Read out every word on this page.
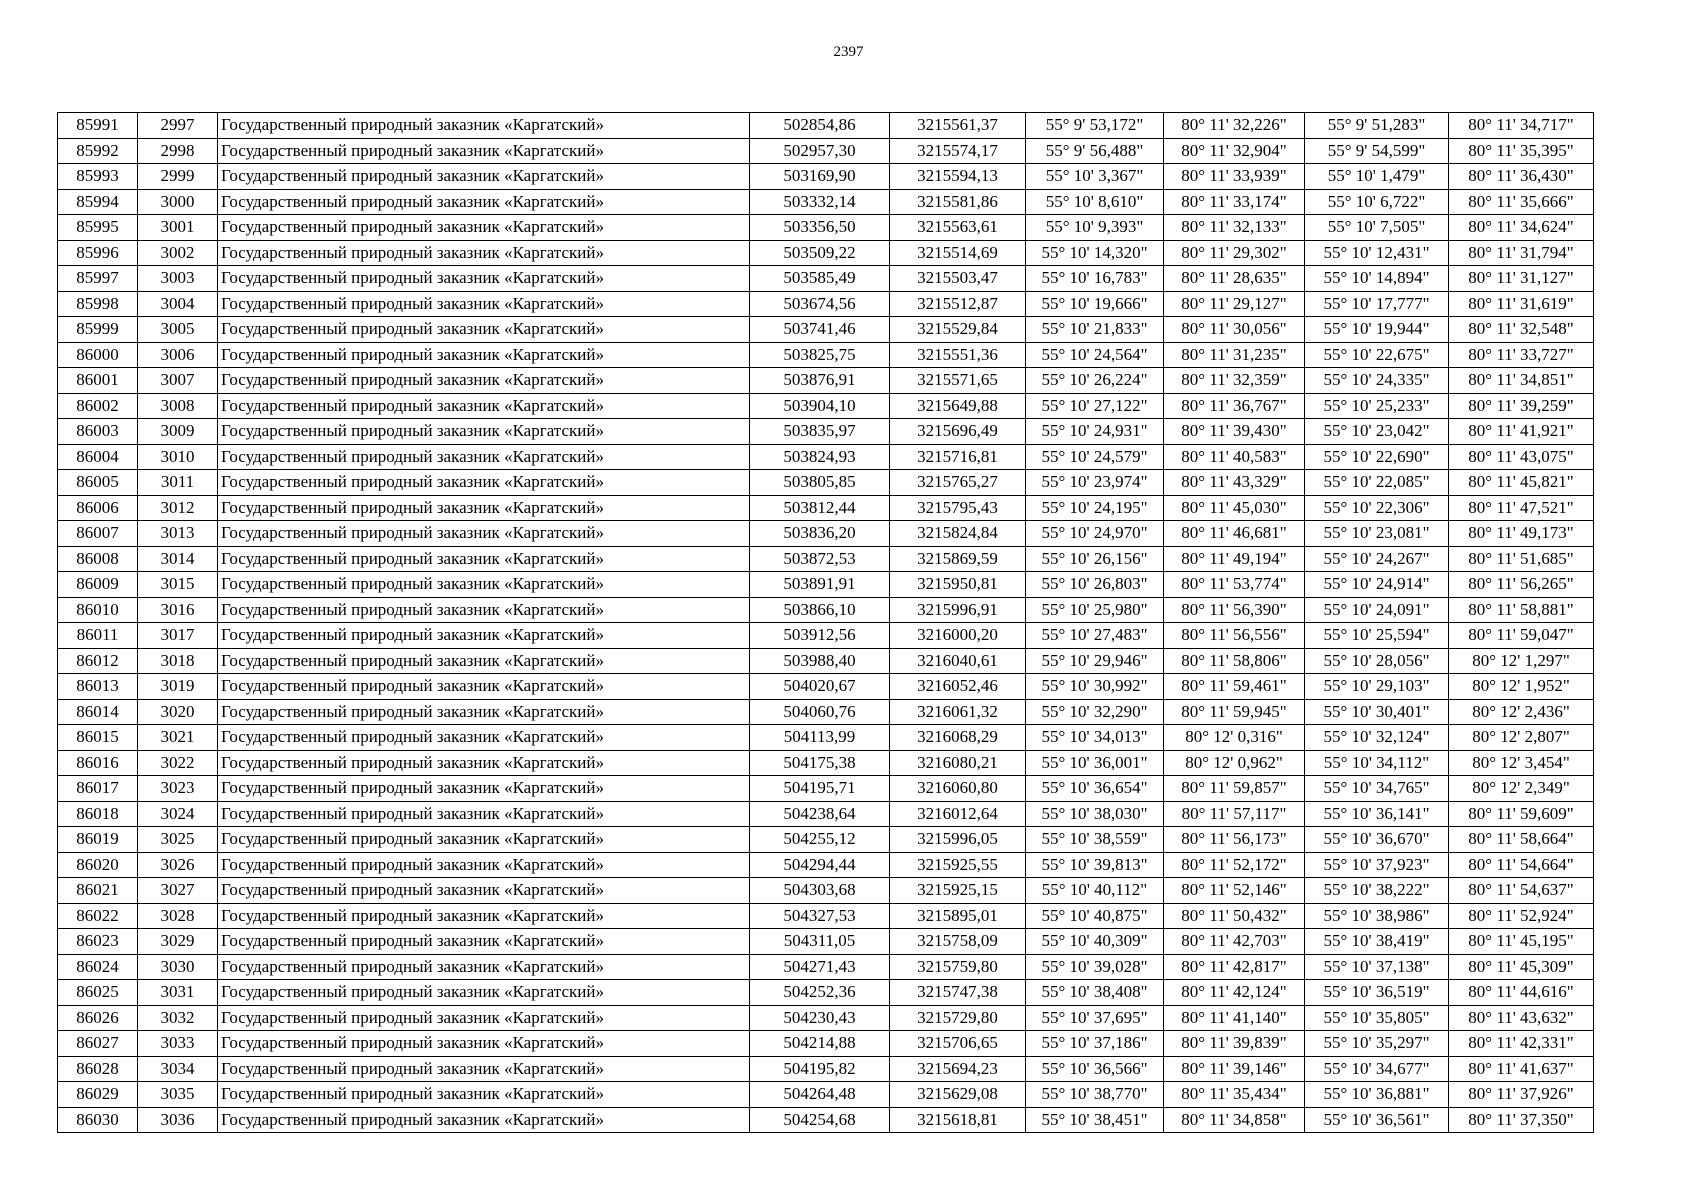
2397
85991	2997	Государственный природный заказник «Каргатский»	502854,86	3215561,37	55° 9' 53,172"	80° 11' 32,226"	55° 9' 51,283"	80° 11' 34,717"
85992	2998	Государственный природный заказник «Каргатский»	502957,30	3215574,17	55° 9' 56,488"	80° 11' 32,904"	55° 9' 54,599"	80° 11' 35,395"
85993	2999	Государственный природный заказник «Каргатский»	503169,90	3215594,13	55° 10' 3,367"	80° 11' 33,939"	55° 10' 1,479"	80° 11' 36,430"
85994	3000	Государственный природный заказник «Каргатский»	503332,14	3215581,86	55° 10' 8,610"	80° 11' 33,174"	55° 10' 6,722"	80° 11' 35,666"
85995	3001	Государственный природный заказник «Каргатский»	503356,50	3215563,61	55° 10' 9,393"	80° 11' 32,133"	55° 10' 7,505"	80° 11' 34,624"
85996	3002	Государственный природный заказник «Каргатский»	503509,22	3215514,69	55° 10' 14,320"	80° 11' 29,302"	55° 10' 12,431"	80° 11' 31,794"
85997	3003	Государственный природный заказник «Каргатский»	503585,49	3215503,47	55° 10' 16,783"	80° 11' 28,635"	55° 10' 14,894"	80° 11' 31,127"
85998	3004	Государственный природный заказник «Каргатский»	503674,56	3215512,87	55° 10' 19,666"	80° 11' 29,127"	55° 10' 17,777"	80° 11' 31,619"
85999	3005	Государственный природный заказник «Каргатский»	503741,46	3215529,84	55° 10' 21,833"	80° 11' 30,056"	55° 10' 19,944"	80° 11' 32,548"
86000	3006	Государственный природный заказник «Каргатский»	503825,75	3215551,36	55° 10' 24,564"	80° 11' 31,235"	55° 10' 22,675"	80° 11' 33,727"
86001	3007	Государственный природный заказник «Каргатский»	503876,91	3215571,65	55° 10' 26,224"	80° 11' 32,359"	55° 10' 24,335"	80° 11' 34,851"
86002	3008	Государственный природный заказник «Каргатский»	503904,10	3215649,88	55° 10' 27,122"	80° 11' 36,767"	55° 10' 25,233"	80° 11' 39,259"
86003	3009	Государственный природный заказник «Каргатский»	503835,97	3215696,49	55° 10' 24,931"	80° 11' 39,430"	55° 10' 23,042"	80° 11' 41,921"
86004	3010	Государственный природный заказник «Каргатский»	503824,93	3215716,81	55° 10' 24,579"	80° 11' 40,583"	55° 10' 22,690"	80° 11' 43,075"
86005	3011	Государственный природный заказник «Каргатский»	503805,85	3215765,27	55° 10' 23,974"	80° 11' 43,329"	55° 10' 22,085"	80° 11' 45,821"
86006	3012	Государственный природный заказник «Каргатский»	503812,44	3215795,43	55° 10' 24,195"	80° 11' 45,030"	55° 10' 22,306"	80° 11' 47,521"
86007	3013	Государственный природный заказник «Каргатский»	503836,20	3215824,84	55° 10' 24,970"	80° 11' 46,681"	55° 10' 23,081"	80° 11' 49,173"
86008	3014	Государственный природный заказник «Каргатский»	503872,53	3215869,59	55° 10' 26,156"	80° 11' 49,194"	55° 10' 24,267"	80° 11' 51,685"
86009	3015	Государственный природный заказник «Каргатский»	503891,91	3215950,81	55° 10' 26,803"	80° 11' 53,774"	55° 10' 24,914"	80° 11' 56,265"
86010	3016	Государственный природный заказник «Каргатский»	503866,10	3215996,91	55° 10' 25,980"	80° 11' 56,390"	55° 10' 24,091"	80° 11' 58,881"
86011	3017	Государственный природный заказник «Каргатский»	503912,56	3216000,20	55° 10' 27,483"	80° 11' 56,556"	55° 10' 25,594"	80° 11' 59,047"
86012	3018	Государственный природный заказник «Каргатский»	503988,40	3216040,61	55° 10' 29,946"	80° 11' 58,806"	55° 10' 28,056"	80° 12' 1,297"
86013	3019	Государственный природный заказник «Каргатский»	504020,67	3216052,46	55° 10' 30,992"	80° 11' 59,461"	55° 10' 29,103"	80° 12' 1,952"
86014	3020	Государственный природный заказник «Каргатский»	504060,76	3216061,32	55° 10' 32,290"	80° 11' 59,945"	55° 10' 30,401"	80° 12' 2,436"
86015	3021	Государственный природный заказник «Каргатский»	504113,99	3216068,29	55° 10' 34,013"	80° 12' 0,316"	55° 10' 32,124"	80° 12' 2,807"
86016	3022	Государственный природный заказник «Каргатский»	504175,38	3216080,21	55° 10' 36,001"	80° 12' 0,962"	55° 10' 34,112"	80° 12' 3,454"
86017	3023	Государственный природный заказник «Каргатский»	504195,71	3216060,80	55° 10' 36,654"	80° 11' 59,857"	55° 10' 34,765"	80° 12' 2,349"
86018	3024	Государственный природный заказник «Каргатский»	504238,64	3216012,64	55° 10' 38,030"	80° 11' 57,117"	55° 10' 36,141"	80° 11' 59,609"
86019	3025	Государственный природный заказник «Каргатский»	504255,12	3215996,05	55° 10' 38,559"	80° 11' 56,173"	55° 10' 36,670"	80° 11' 58,664"
86020	3026	Государственный природный заказник «Каргатский»	504294,44	3215925,55	55° 10' 39,813"	80° 11' 52,172"	55° 10' 37,923"	80° 11' 54,664"
86021	3027	Государственный природный заказник «Каргатский»	504303,68	3215925,15	55° 10' 40,112"	80° 11' 52,146"	55° 10' 38,222"	80° 11' 54,637"
86022	3028	Государственный природный заказник «Каргатский»	504327,53	3215895,01	55° 10' 40,875"	80° 11' 50,432"	55° 10' 38,986"	80° 11' 52,924"
86023	3029	Государственный природный заказник «Каргатский»	504311,05	3215758,09	55° 10' 40,309"	80° 11' 42,703"	55° 10' 38,419"	80° 11' 45,195"
86024	3030	Государственный природный заказник «Каргатский»	504271,43	3215759,80	55° 10' 39,028"	80° 11' 42,817"	55° 10' 37,138"	80° 11' 45,309"
86025	3031	Государственный природный заказник «Каргатский»	504252,36	3215747,38	55° 10' 38,408"	80° 11' 42,124"	55° 10' 36,519"	80° 11' 44,616"
86026	3032	Государственный природный заказник «Каргатский»	504230,43	3215729,80	55° 10' 37,695"	80° 11' 41,140"	55° 10' 35,805"	80° 11' 43,632"
86027	3033	Государственный природный заказник «Каргатский»	504214,88	3215706,65	55° 10' 37,186"	80° 11' 39,839"	55° 10' 35,297"	80° 11' 42,331"
86028	3034	Государственный природный заказник «Каргатский»	504195,82	3215694,23	55° 10' 36,566"	80° 11' 39,146"	55° 10' 34,677"	80° 11' 41,637"
86029	3035	Государственный природный заказник «Каргатский»	504264,48	3215629,08	55° 10' 38,770"	80° 11' 35,434"	55° 10' 36,881"	80° 11' 37,926"
86030	3036	Государственный природный заказник «Каргатский»	504254,68	3215618,81	55° 10' 38,451"	80° 11' 34,858"	55° 10' 36,561"	80° 11' 37,350"
